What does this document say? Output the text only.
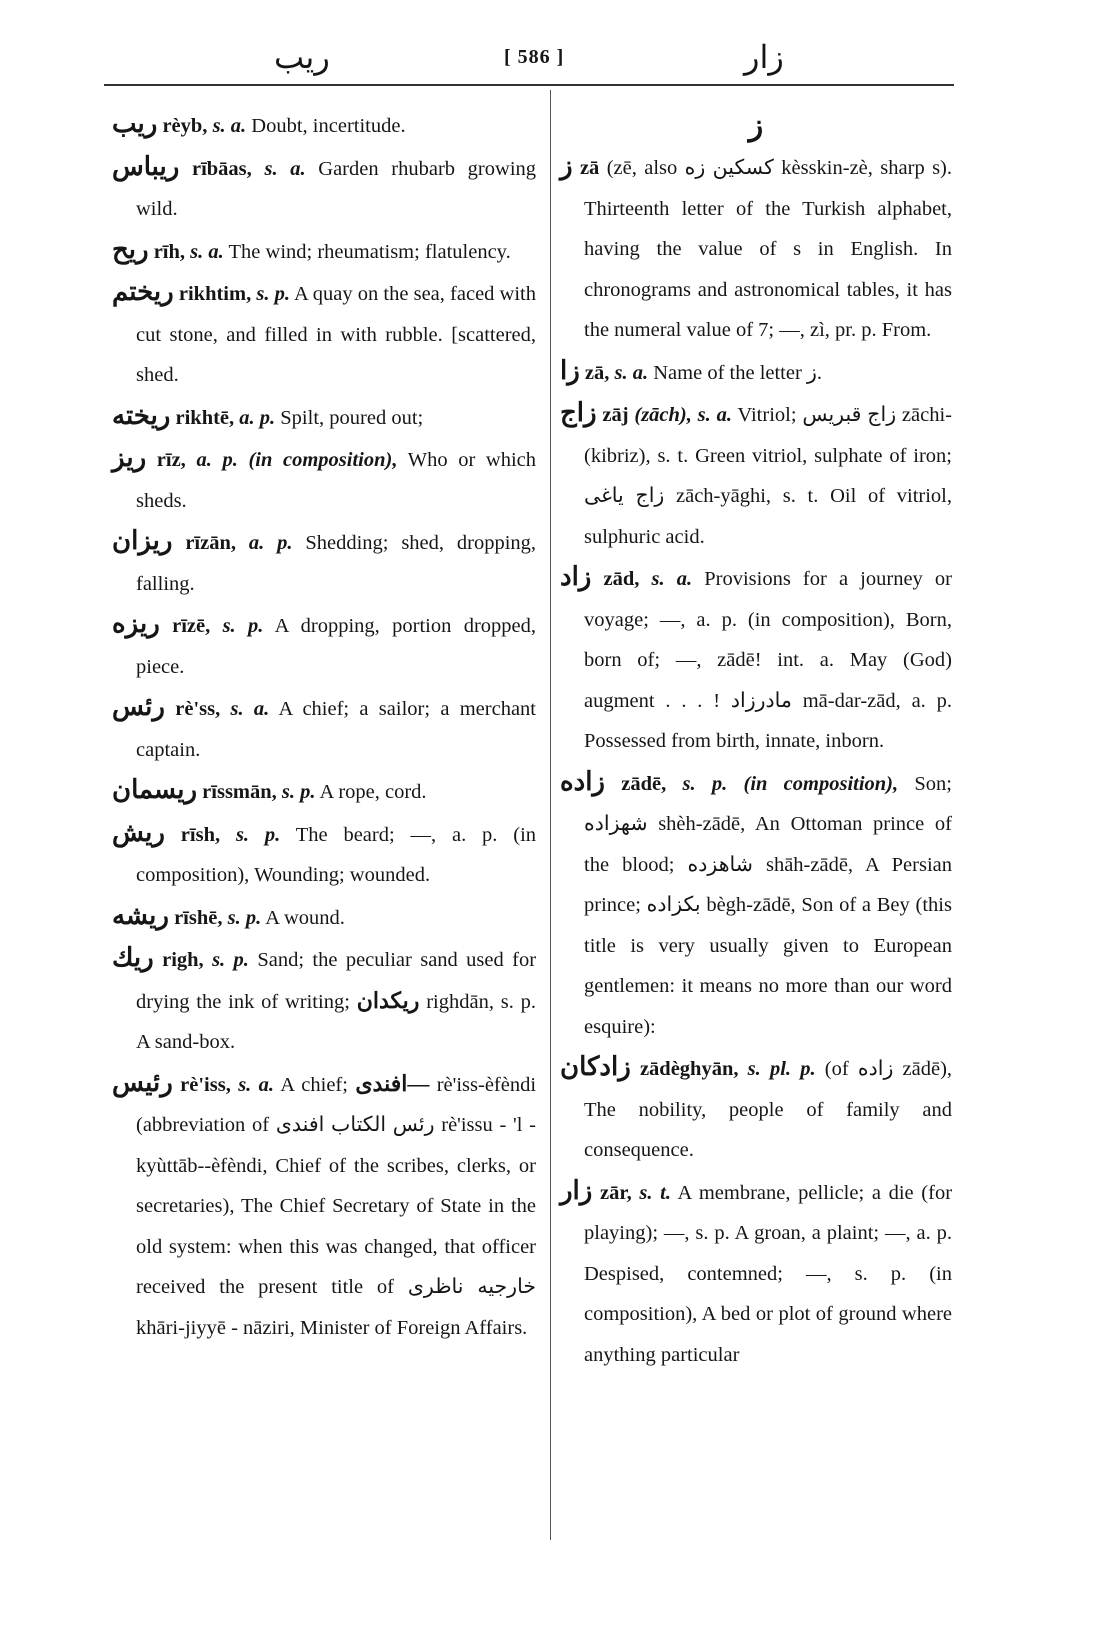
ريب	[ 586 ]	زار

ريب rèyb, s. a. Doubt, incertitude.

ريباس rībāas, s. a. Garden rhubarb growing wild.

ريح rīh, s. a. The wind; rheumatism; flatulency.

ريختم rikhtim, s. p. A quay on the sea, faced with cut stone, and filled in with rubble. [scattered, shed.

ريخته rikhtē, a. p. Spilt, poured out;

ريز rīz, a. p. (in composition), Who or which sheds.

ريزان rīzān, a. p. Shedding; shed, dropping, falling.

ريزه rīzē, s. p. A dropping, portion dropped, piece.

رئس rè'ss, s. a. A chief; a sailor; a merchant captain.

ريسمان rīssmān, s. p. A rope, cord.

ريش rīsh, s. p. The beard; —, a. p. (in composition), Wounding; wounded.

ريشه rīshē, s. p. A wound.

ريك righ, s. p. Sand; the peculiar sand used for drying the ink of writing; ريكدان righdān, s. p. A sand-box.

رئيس rè'iss, s. a. A chief; —افندى rè'iss-èfèndi (abbreviation of رئس الكتاب افندى rè'issu - 'l - kyùttāb--èfèndi, Chief of the scribes, clerks, or secretaries), The Chief Secretary of State in the old system: when this was changed, that officer received the present title of خارجيه ناظرى khāri-jiyyē - nāziri, Minister of Foreign Affairs.

ز

ز zā (zē, also كسكين زه kèsskin-zè, sharp s). Thirteenth letter of the Turkish alphabet, having the value of s in English. In chronograms and astronomical tables, it has the numeral value of 7; —, zì, pr. p. From.

زا zā, s. a. Name of the letter ز.

زاج zāj (zāch), s. a. Vitriol; زاج قبريس zāchi-(kibriz), s. t. Green vitriol, sulphate of iron; زاج ياغى zāch-yāghi, s. t. Oil of vitriol, sulphuric acid.

زاد zād, s. a. Provisions for a journey or voyage; —, a. p. (in composition), Born, born of; —, zādē! int. a. May (God) augment . . . ! مادرزاد mā-dar-zād, a. p. Possessed from birth, innate, inborn.

زاده zādē, s. p. (in composition), Son; شهزاده shèh-zādē, An Ottoman prince of the blood; شاهزده shāh-zādē, A Persian prince; بكزاده bègh-zādē, Son of a Bey (this title is very usually given to European gentlemen: it means no more than our word esquire):

زادكان zādèghyān, s. pl. p. (of زاده zādē), The nobility, people of family and consequence.

زار zār, s. t. A membrane, pellicle; a die (for playing); —, s. p. A groan, a plaint; —, a. p. Despised, contemned; —, s. p. (in composition), A bed or plot of ground where anything particular
